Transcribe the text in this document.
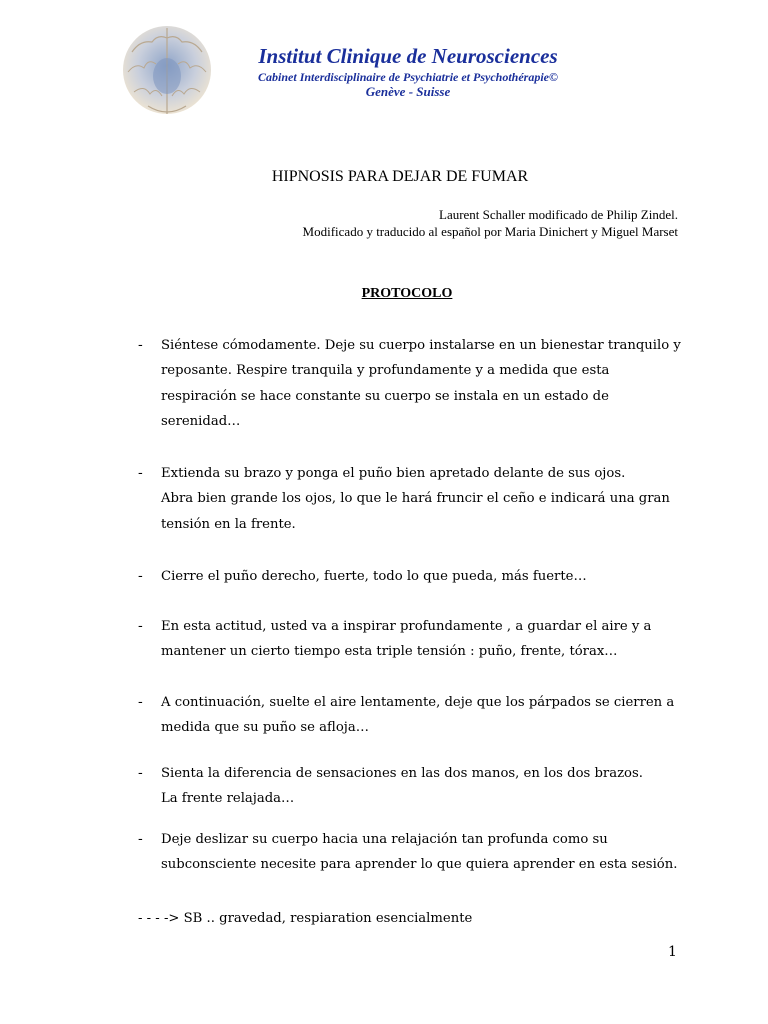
Institut Clinique de Neurosciences
Cabinet Interdisciplinaire de Psychiatrie et Psychothérapie©
Genève - Suisse
HIPNOSIS PARA DEJAR DE FUMAR
Laurent Schaller modificado de Philip Zindel.
Modificado y traducido al español por Maria Dinichert y Miguel Marset
PROTOCOLO
- Siéntese cómodamente. Deje su cuerpo instalarse en un bienestar tranquilo y
reposante. Respire tranquila y profundamente y a medida que esta
respiración se hace constante su cuerpo se instala en un estado de
serenidad…
- Extienda su brazo y ponga el puño bien apretado delante de sus ojos.
Abra bien grande los ojos, lo que le hará fruncir el ceño e indicará una gran
tensión en la frente.
- Cierre el puño derecho, fuerte, todo lo que pueda, más fuerte…
- En esta actitud, usted va a inspirar profundamente , a guardar el aire y a
mantener un cierto tiempo esta triple tensión : puño, frente, tórax…
- A continuación, suelte el aire lentamente, deje que los párpados se cierren a
medida que su puño se afloja…
- Sienta la diferencia de sensaciones en las dos manos, en los dos brazos.
La frente relajada…
- Deje deslizar su cuerpo hacia una relajación tan profunda como su
subconsciente necesite para aprender lo que quiera aprender en esta sesión.
- - - -> SB .. gravedad, respiaration esencialmente
1
